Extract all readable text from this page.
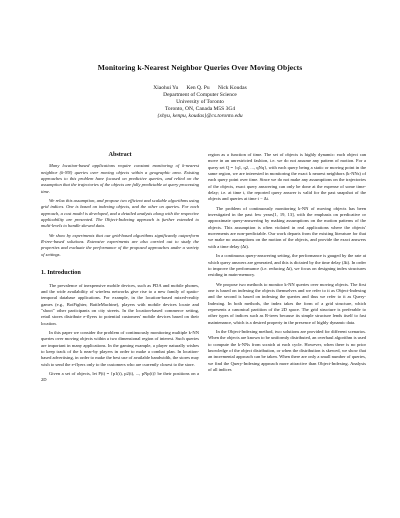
Monitoring k-Nearest Neighbor Queries Over Moving Objects
Xiaohui Yu      Ken Q. Pu      Nick Koudas
Department of Computer Science
University of Toronto
Toronto, ON, Canada M5S 3G4
{xhyu, kenpu, koudas}@cs.toronto.edu
Abstract

Many location-based applications require constant monitoring of k-nearest neighbor (k-NN) queries over moving objects within a geographic area. Existing approaches to this problem have focused on predictive queries, and relied on the assumption that the trajectories of the objects are fully predictable at query processing time.

We relax this assumption, and propose two efficient and scalable algorithms using grid indices. One is based on indexing objects, and the other on queries. For each approach, a cost model is developed, and a detailed analysis along with the respective applicability are presented. The Object-Indexing approach is further extended to multi-levels to handle skewed data.

We show by experiments that our grid-based algorithms significantly outperform R-tree-based solutions. Extensive experiments are also carried out to study the properties and evaluate the performance of the proposed approaches under a variety of settings.

1. Introduction

The prevalence of inexpensive mobile devices, such as PDA and mobile phones, and the wide availability of wireless networks give rise to a new family of spatio-temporal database applications. For example, in the location-based mixed-reality games (e.g., BotFighter, BattleMachine), players with mobile devices locate and "shoot" other participants on city streets. In the location-based commerce setting, retail stores distribute e-flyers to potential customers' mobile devices based on their location.

In this paper we consider the problem of continuously monitoring multiple k-NN queries over moving objects within a two dimensional region of interest. Such queries are important in many applications. In the gaming example, a player naturally wishes to keep track of the k near-by players in order to make a combat plan. In location-based advertising, in order to make the best use of available bandwidth, the stores may wish to send the e-flyers only to the customers who are currently closest to the store.

Given a set of objects, let P(t) = {p1(t), p2(t), ..., pNp(t)} be their positions on a 2D

region as a function of time. The set of objects is highly dynamic: each object can move in an unrestricted fashion, i.e. we do not assume any pattern of motion. For a query set Q = {q1, q2, ..., qNq}, with each query being a static or moving point in the same region, we are interested in monitoring the exact k nearest neighbors (k-NNs) of each query point over time. Since we do not make any assumptions on the trajectories of the objects, exact query answering can only be done at the expense of some time-delay; i.e. at time t, the reported query answer is valid for the past snapshot of the objects and queries at time t − Δt.

The problem of continuously monitoring k-NN of moving objects has been investigated in the past few years[1, 19, 13], with the emphasis on predicative or approximate query-answering by making assumptions on the motion patterns of the objects. This assumption is often violated in real applications where the objects' movements are non-predictable. Our work departs from the existing literature for that we make no assumptions on the motion of the objects, and provide the exact answers with a time delay (Δt).

In a continuous query-answering setting, the performance is gauged by the rate at which query answers are generated, and this is dictated by the time delay (Δt). In order to improve the performance (i.e. reducing Δt), we focus on designing index structures residing in main-memory.

We propose two methods to monitor k-NN queries over moving objects. The first one is based on indexing the objects themselves and we refer to it as Object-Indexing and the second is based on indexing the queries and thus we refer to it as Query-Indexing. In both methods, the index takes the form of a grid structure, which represents a canonical partition of the 2D space. The grid structure is preferable to other types of indices such as R-trees because its simple structure lends itself to fast maintenance, which is a desired property in the presence of highly dynamic data.

In the Object-Indexing method, two solutions are provided for different scenarios. When the objects are known to be uniformly distributed, an overhaul algorithm is used to compute the k-NNs from scratch at each cycle. However, when there is no prior knowledge of the object distribution, or when the distribution is skewed, we show that an incremental approach can be taken. When there are only a small number of queries, we find the Query-Indexing approach more attractive than Object-Indexing. Analysis of all indices
